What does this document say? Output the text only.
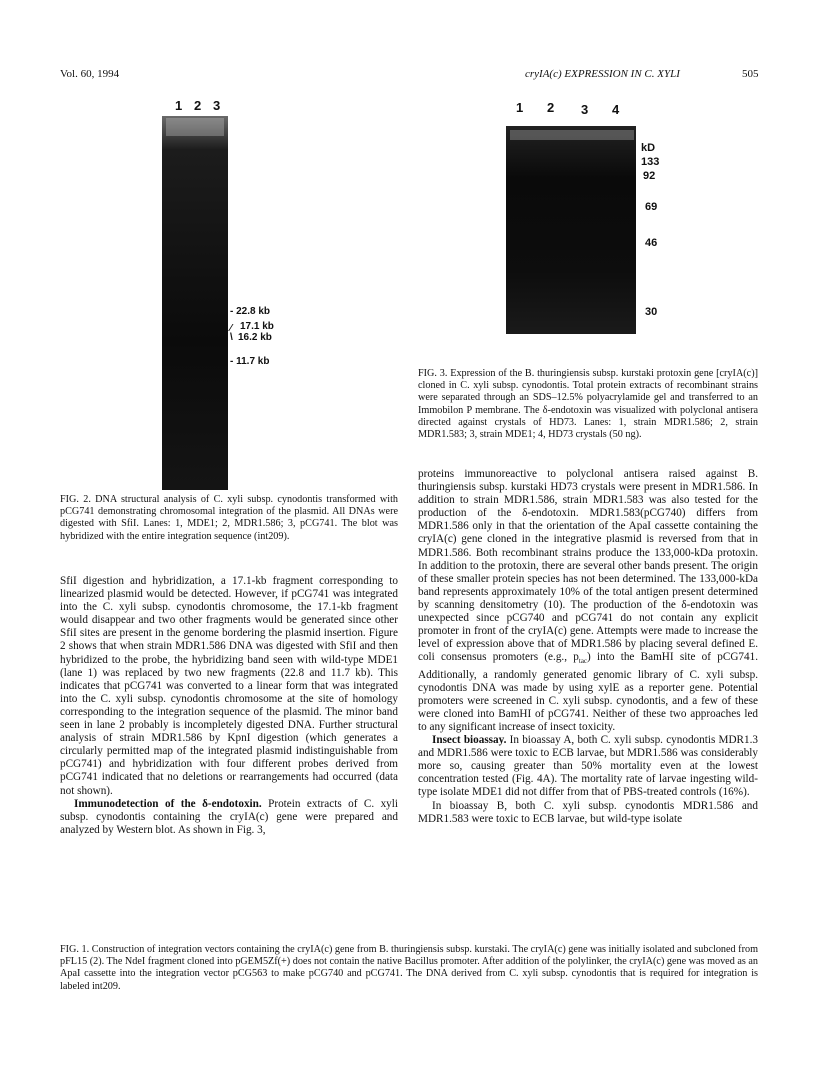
Vol. 60, 1994	cryIA(c) EXPRESSION IN C. XYLI	505
1 2 3
- 22.8 kb
⁄ 17.1 kb
\ 16.2 kb
- 11.7 kb
FIG. 2. DNA structural analysis of C. xyli subsp. cynodontis transformed with pCG741 demonstrating chromosomal integration of the plasmid. All DNAs were digested with SfiI. Lanes: 1, MDE1; 2, MDR1.586; 3, pCG741. The blot was hybridized with the entire integration sequence (int209).
1 2 3 4
kD
133
92
69
46
30
FIG. 3. Expression of the B. thuringiensis subsp. kurstaki protoxin gene [cryIA(c)] cloned in C. xyli subsp. cynodontis. Total protein extracts of recombinant strains were separated through an SDS–12.5% polyacrylamide gel and transferred to an Immobilon P membrane. The δ-endotoxin was visualized with polyclonal antisera directed against crystals of HD73. Lanes: 1, strain MDR1.586; 2, strain MDR1.583; 3, strain MDE1; 4, HD73 crystals (50 ng).

SfiI digestion and hybridization, a 17.1-kb fragment corresponding to linearized plasmid would be detected. However, if pCG741 was integrated into the C. xyli subsp. cynodontis chromosome, the 17.1-kb fragment would disappear and two other fragments would be generated since other SfiI sites are present in the genome bordering the plasmid insertion. Figure 2 shows that when strain MDR1.586 DNA was digested with SfiI and then hybridized to the probe, the hybridizing band seen with wild-type MDE1 (lane 1) was replaced by two new fragments (22.8 and 11.7 kb). This indicates that pCG741 was converted to a linear form that was integrated into the C. xyli subsp. cynodontis chromosome at the site of homology corresponding to the integration sequence of the plasmid. The minor band seen in lane 2 probably is incompletely digested DNA. Further structural analysis of strain MDR1.586 by KpnI digestion (which generates a circularly permitted map of the integrated plasmid indistinguishable from pCG741) and hybridization with four different probes derived from pCG741 indicated that no deletions or rearrangements had occurred (data not shown).

Immunodetection of the δ-endotoxin. Protein extracts of C. xyli subsp. cynodontis containing the cryIA(c) gene were prepared and analyzed by Western blot. As shown in Fig. 3,

proteins immunoreactive to polyclonal antisera raised against B. thuringiensis subsp. kurstaki HD73 crystals were present in MDR1.586. In addition to strain MDR1.586, strain MDR1.583 was also tested for the production of the δ-endotoxin. MDR1.583(pCG740) differs from MDR1.586 only in that the orientation of the ApaI cassette containing the cryIA(c) gene cloned in the integrative plasmid is reversed from that in MDR1.586. Both recombinant strains produce the 133,000-kDa protoxin. In addition to the protoxin, there are several other bands present. The origin of these smaller protein species has not been determined. The 133,000-kDa band represents approximately 10% of the total antigen present determined by scanning densitometry (10). The production of the δ-endotoxin was unexpected since pCG740 and pCG741 do not contain any explicit promoter in front of the cryIA(c) gene. Attempts were made to increase the level of expression above that of MDR1.586 by placing several defined E. coli consensus promoters (e.g., $p_{tac}$) into the BamHI site of pCG741. Additionally, a randomly generated genomic library of C. xyli subsp. cynodontis DNA was made by using xylE as a reporter gene. Potential promoters were screened in C. xyli subsp. cynodontis, and a few of these were cloned into BamHI of pCG741. Neither of these two approaches led to any significant increase of insect toxicity.

Insect bioassay. In bioassay A, both C. xyli subsp. cynodontis MDR1.3 and MDR1.586 were toxic to ECB larvae, but MDR1.586 was considerably more so, causing greater than 50% mortality even at the lowest concentration tested (Fig. 4A). The mortality rate of larvae ingesting wild-type isolate MDE1 did not differ from that of PBS-treated controls (16%).

In bioassay B, both C. xyli subsp. cynodontis MDR1.586 and MDR1.583 were toxic to ECB larvae, but wild-type isolate

FIG. 1. Construction of integration vectors containing the cryIA(c) gene from B. thuringiensis subsp. kurstaki. The cryIA(c) gene was initially isolated and subcloned from pFL15 (2). The NdeI fragment cloned into pGEM5Zf(+) does not contain the native Bacillus promoter. After addition of the polylinker, the cryIA(c) gene was moved as an ApaI cassette into the integration vector pCG563 to make pCG740 and pCG741. The DNA derived from C. xyli subsp. cynodontis that is required for integration is labeled int209.
